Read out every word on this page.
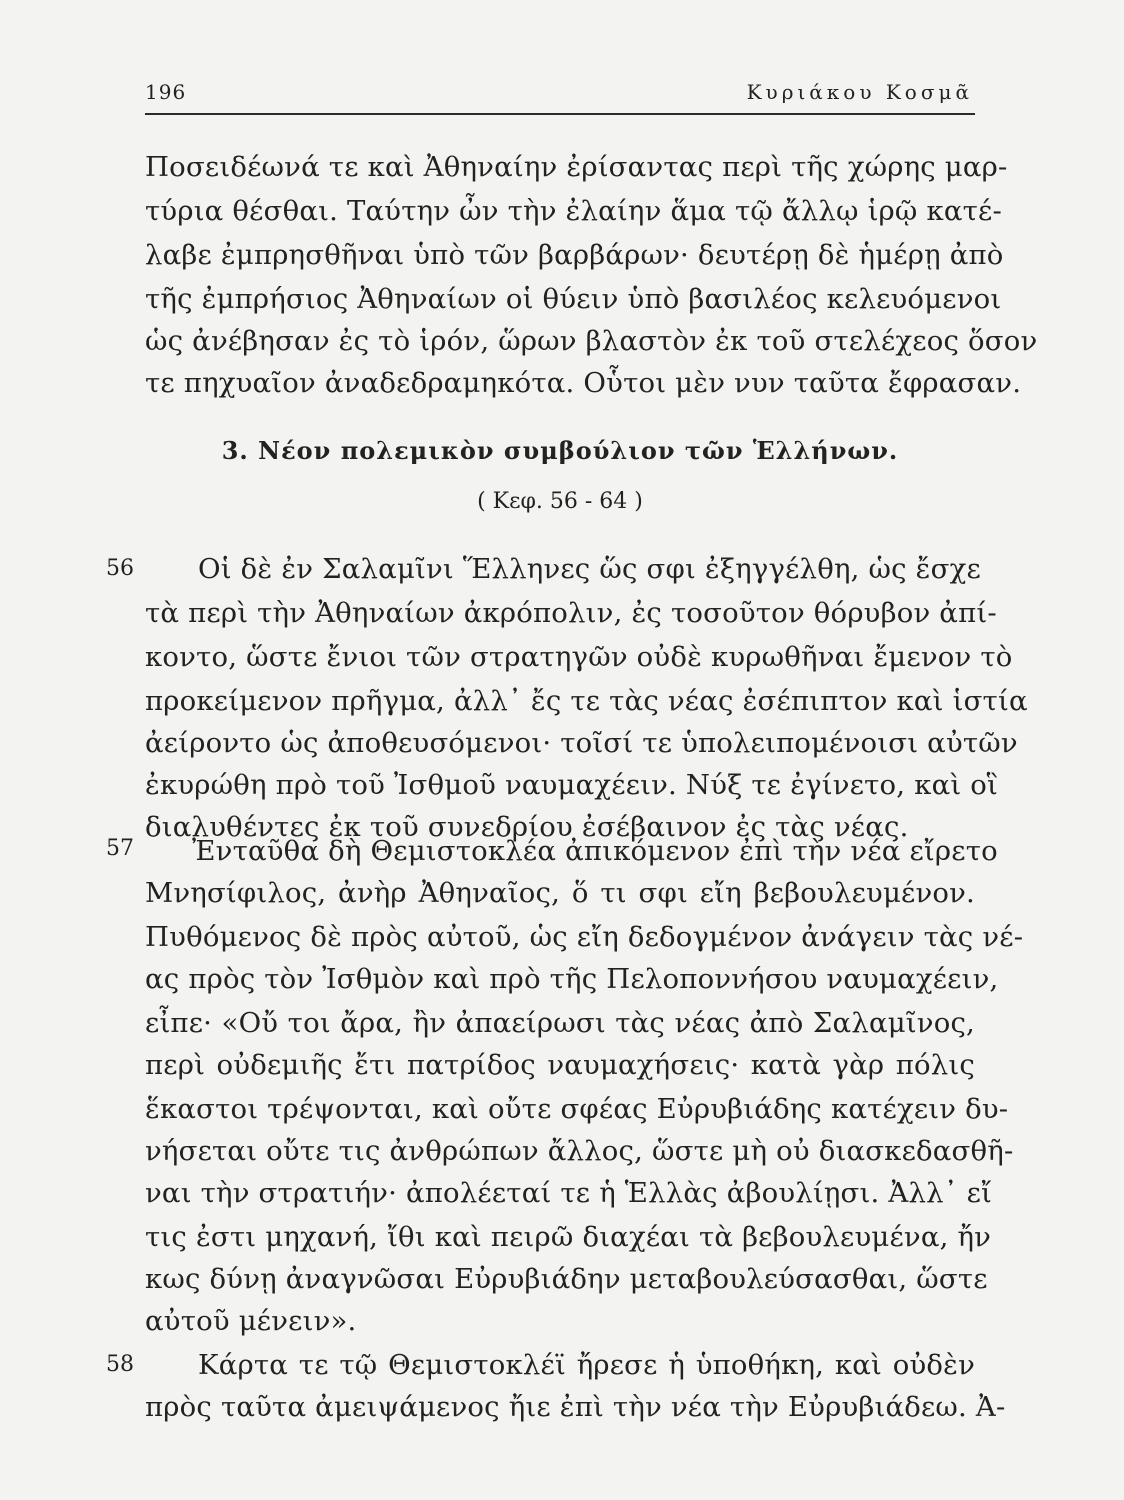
196	Κυριάκου Κοσμᾶ
Ποσειδέωνά τε καὶ Ἀθηναίην ἐρίσαντας περὶ τῆς χώρης μαρ-
τύρια θέσθαι. Ταύτην ὦν τὴν ἐλαίην ἅμα τῷ ἄλλῳ ἱρῷ κατέ-
λαβε ἐμπρησθῆναι ὑπὸ τῶν βαρβάρων· δευτέρῃ δὲ ἡμέρῃ ἀπὸ
τῆς ἐμπρήσιος Ἀθηναίων οἱ θύειν ὑπὸ βασιλέος κελευόμενοι
ὡς ἀνέβησαν ἐς τὸ ἱρόν, ὥρων βλαστὸν ἐκ τοῦ στελέχεος ὅσον
τε πηχυαῖον ἀναδεδραμηκότα. Οὗτοι μὲν νυν ταῦτα ἔφρασαν.
3. Νέον πολεμικὸν συμβούλιον τῶν Ἑλλήνων.
( Κεφ. 56 - 64 )
56 Οἱ δὲ ἐν Σαλαμῖνι Ἕλληνες ὥς σφι ἐξηγγέλθη, ὡς ἔσχε
τὰ περὶ τὴν Ἀθηναίων ἀκρόπολιν, ἐς τοσοῦτον θόρυβον ἀπί-
κοντο, ὥστε ἔνιοι τῶν στρατηγῶν οὐδὲ κυρωθῆναι ἔμενον τὸ
προκείμενον πρῆγμα, ἀλλ᾽ ἔς τε τὰς νέας ἐσέπιπτον καὶ ἱστία
ἀείροντο ὡς ἀποθευσόμενοι· τοῖσί τε ὑπολειπομένοισι αὐτῶν
ἐκυρώθη πρὸ τοῦ Ἰσθμοῦ ναυμαχέειν. Νύξ τε ἐγίνετο, καὶ οἳ
διαλυθέντες ἐκ τοῦ συνεδρίου ἐσέβαινον ἐς τὰς νέας.
57 Ἐνταῦθα δὴ Θεμιστοκλέα ἀπικόμενον ἐπὶ τὴν νέα εἴρετο
Μνησίφιλος, ἀνὴρ Ἀθηναῖος, ὅ τι σφι εἴη βεβουλευμένον.
Πυθόμενος δὲ πρὸς αὐτοῦ, ὡς εἴη δεδογμένον ἀνάγειν τὰς νέ-
ας πρὸς τὸν Ἰσθμὸν καὶ πρὸ τῆς Πελοποννήσου ναυμαχέειν,
εἶπε· «Οὔ τοι ἄρα, ἢν ἀπαείρωσι τὰς νέας ἀπὸ Σαλαμῖνος,
περὶ οὐδεμιῆς ἔτι πατρίδος ναυμαχήσεις· κατὰ γὰρ πόλις
ἕκαστοι τρέψονται, καὶ οὔτε σφέας Εὐρυβιάδης κατέχειν δυ-
νήσεται οὔτε τις ἀνθρώπων ἄλλος, ὥστε μὴ οὐ διασκεδασθῆ-
ναι τὴν στρατιήν· ἀπολέεταί τε ἡ Ἑλλὰς ἀβουλίῃσι. Ἀλλ᾽ εἴ
τις ἐστι μηχανή, ἴθι καὶ πειρῶ διαχέαι τὰ βεβουλευμένα, ἤν
κως δύνῃ ἀναγνῶσαι Εὐρυβιάδην μεταβουλεύσασθαι, ὥστε
αὐτοῦ μένειν».
58 Κάρτα τε τῷ Θεμιστοκλέϊ ἤρεσε ἡ ὑποθήκη, καὶ οὐδὲν
πρὸς ταῦτα ἀμειψάμενος ἤιε ἐπὶ τὴν νέα τὴν Εὐρυβιάδεω. Ἀ-
